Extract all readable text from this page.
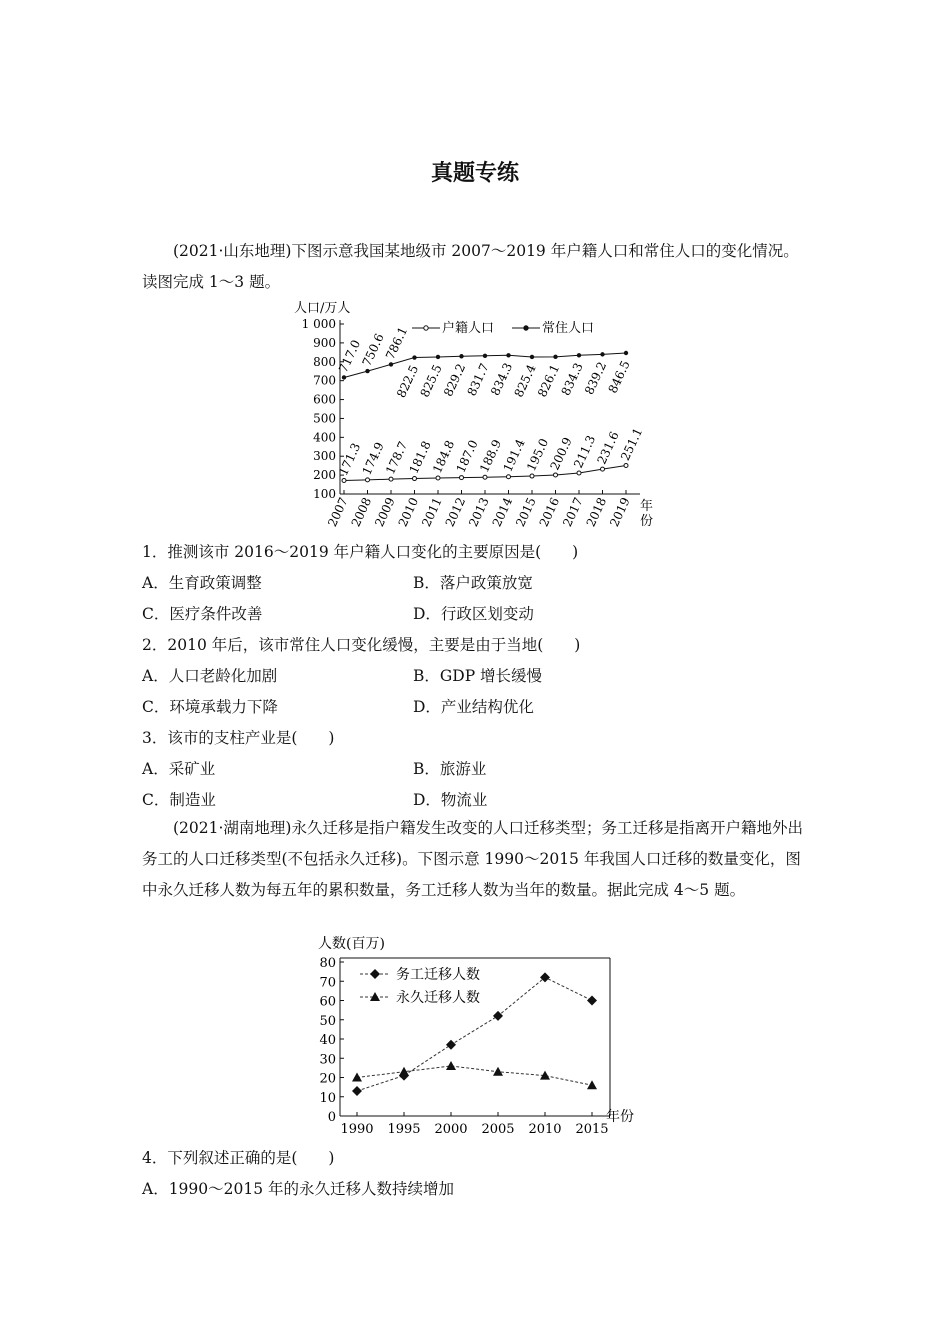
真题专练
(2021·山东地理)下图示意我国某地级市 2007～2019 年户籍人口和常住人口的变化情况。读图完成 1～3 题。
人口/万人
1 000
900
800
700
600
500
400
300
200
100
2007
2008
2009
2010
2011
2012
2013
2014
2015
2016
2017
2018
2019 年
份
171.3
174.9
178.7
181.8
184.8
187.0
188.9
191.4
195.0
200.9
211.3
231.6
251.1
717.0
750.6
786.1
822.5
825.5
829.2
831.7
834.3
825.4
826.1
834.3
839.2
846.5
户籍人口	常住人口
1．推测该市 2016～2019 年户籍人口变化的主要原因是(　　)
A．生育政策调整	B．落户政策放宽
C．医疗条件改善	D．行政区划变动
2．2010 年后，该市常住人口变化缓慢，主要是由于当地(　　)
A．人口老龄化加剧	B．GDP 增长缓慢
C．环境承载力下降	D．产业结构优化
3．该市的支柱产业是(　　)
A．采矿业	B．旅游业
C．制造业	D．物流业
(2021·湖南地理)永久迁移是指户籍发生改变的人口迁移类型；务工迁移是指离开户籍地外出务工的人口迁移类型(不包括永久迁移)。下图示意 1990～2015 年我国人口迁移的数量变化，图中永久迁移人数为每五年的累积数量，务工迁移人数为当年的数量。据此完成 4～5 题。
人数(百万)
80
70
60
50
40
30
20
10
0
1990 1995 2000 2005 2010 2015
年份
务工迁移人数
永久迁移人数
4．下列叙述正确的是(　　)
A．1990～2015 年的永久迁移人数持续增加
